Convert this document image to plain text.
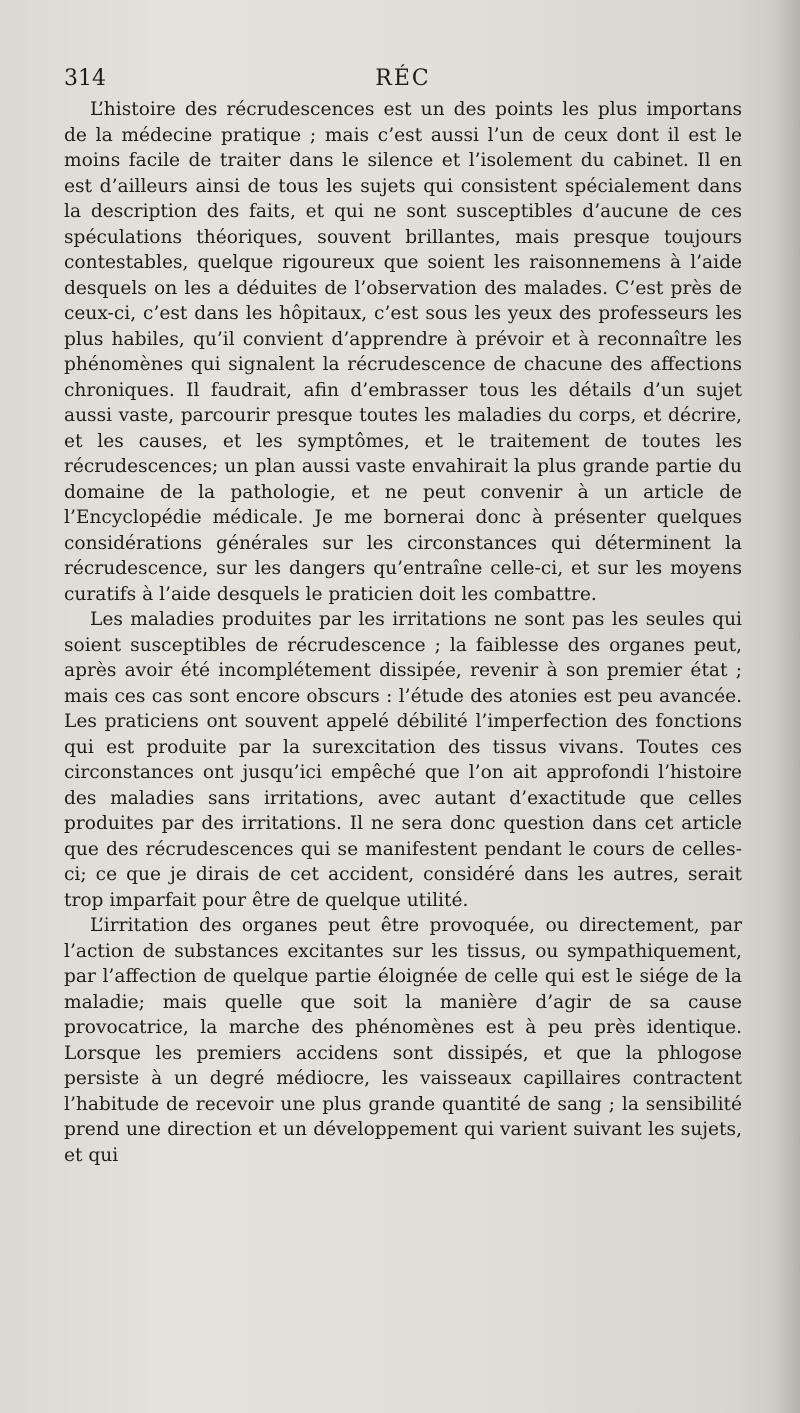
314	RÉC

L’histoire des récrudescences est un des points les plus importans de la médecine pratique ; mais c’est aussi l’un de ceux dont il est le moins facile de traiter dans le silence et l’isolement du cabinet. Il en est d’ailleurs ainsi de tous les sujets qui consistent spécialement dans la description des faits, et qui ne sont susceptibles d’aucune de ces spéculations théoriques, souvent brillantes, mais presque toujours contestables, quelque rigoureux que soient les raisonnemens à l’aide desquels on les a déduites de l’observation des malades. C’est près de ceux-ci, c’est dans les hôpitaux, c’est sous les yeux des professeurs les plus habiles, qu’il convient d’apprendre à prévoir et à reconnaître les phénomènes qui signalent la récrudescence de chacune des affections chroniques. Il faudrait, afin d’embrasser tous les détails d’un sujet aussi vaste, parcourir presque toutes les maladies du corps, et décrire, et les causes, et les symptômes, et le traitement de toutes les récrudescences; un plan aussi vaste envahirait la plus grande partie du domaine de la pathologie, et ne peut convenir à un article de l’Encyclopédie médicale. Je me bornerai donc à présenter quelques considérations générales sur les circonstances qui déterminent la récrudescence, sur les dangers qu’entraîne celle-ci, et sur les moyens curatifs à l’aide desquels le praticien doit les combattre.

Les maladies produites par les irritations ne sont pas les seules qui soient susceptibles de récrudescence ; la faiblesse des organes peut, après avoir été incomplétement dissipée, revenir à son premier état ; mais ces cas sont encore obscurs : l’étude des atonies est peu avancée. Les praticiens ont souvent appelé débilité l’imperfection des fonctions qui est produite par la surexcitation des tissus vivans. Toutes ces circonstances ont jusqu’ici empêché que l’on ait approfondi l’histoire des maladies sans irritations, avec autant d’exactitude que celles produites par des irritations. Il ne sera donc question dans cet article que des récrudescences qui se manifestent pendant le cours de celles-ci; ce que je dirais de cet accident, considéré dans les autres, serait trop imparfait pour être de quelque utilité.

L’irritation des organes peut être provoquée, ou directement, par l’action de substances excitantes sur les tissus, ou sympathiquement, par l’affection de quelque partie éloignée de celle qui est le siége de la maladie; mais quelle que soit la manière d’agir de sa cause provocatrice, la marche des phénomènes est à peu près identique. Lorsque les premiers accidens sont dissipés, et que la phlogose persiste à un degré médiocre, les vaisseaux capillaires contractent l’habitude de recevoir une plus grande quantité de sang ; la sensibilité prend une direction et un développement qui varient suivant les sujets, et qui
